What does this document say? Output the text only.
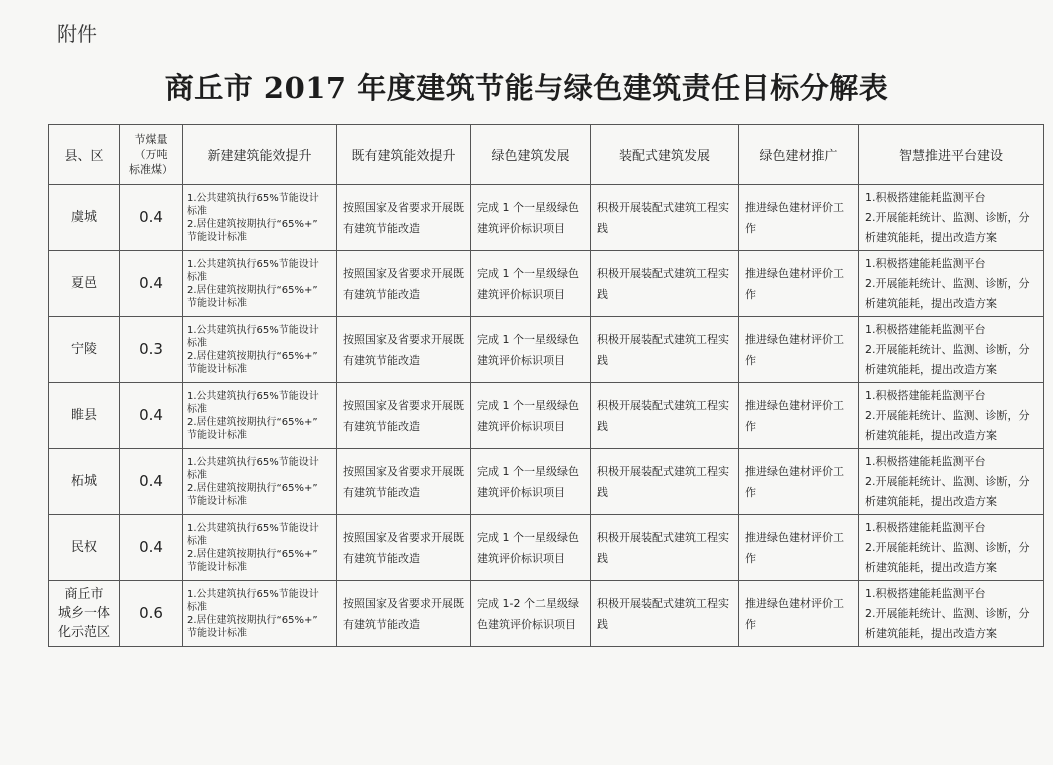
附件
商丘市 2017 年度建筑节能与绿色建筑责任目标分解表
县、区	节煤量
（万吨
标准煤）	新建建筑能效提升	既有建筑能效提升	绿色建筑发展	装配式建筑发展	绿色建材推广	智慧推进平台建设

虞城	0.4	1.公共建筑执行65%节能设计
标准
2.居住建筑按期执行“65%+”
节能设计标准	按照国家及省要求开展既有建筑节能改造	完成 1 个一星级绿色建筑评价标识项目	积极开展装配式建筑工程实践	推进绿色建材评价工作	1.积极搭建能耗监测平台
2.开展能耗统计、监测、诊断，分析建筑能耗，提出改造方案

夏邑	0.4	1.公共建筑执行65%节能设计
标准
2.居住建筑按期执行“65%+”
节能设计标准	按照国家及省要求开展既有建筑节能改造	完成 1 个一星级绿色建筑评价标识项目	积极开展装配式建筑工程实践	推进绿色建材评价工作	1.积极搭建能耗监测平台
2.开展能耗统计、监测、诊断，分析建筑能耗，提出改造方案

宁陵	0.3	1.公共建筑执行65%节能设计
标准
2.居住建筑按期执行“65%+”
节能设计标准	按照国家及省要求开展既有建筑节能改造	完成 1 个一星级绿色建筑评价标识项目	积极开展装配式建筑工程实践	推进绿色建材评价工作	1.积极搭建能耗监测平台
2.开展能耗统计、监测、诊断，分析建筑能耗，提出改造方案

睢县	0.4	1.公共建筑执行65%节能设计
标准
2.居住建筑按期执行“65%+”
节能设计标准	按照国家及省要求开展既有建筑节能改造	完成 1 个一星级绿色建筑评价标识项目	积极开展装配式建筑工程实践	推进绿色建材评价工作	1.积极搭建能耗监测平台
2.开展能耗统计、监测、诊断，分析建筑能耗，提出改造方案

柘城	0.4	1.公共建筑执行65%节能设计
标准
2.居住建筑按期执行“65%+”
节能设计标准	按照国家及省要求开展既有建筑节能改造	完成 1 个一星级绿色建筑评价标识项目	积极开展装配式建筑工程实践	推进绿色建材评价工作	1.积极搭建能耗监测平台
2.开展能耗统计、监测、诊断，分析建筑能耗，提出改造方案

民权	0.4	1.公共建筑执行65%节能设计
标准
2.居住建筑按期执行“65%+”
节能设计标准	按照国家及省要求开展既有建筑节能改造	完成 1 个一星级绿色建筑评价标识项目	积极开展装配式建筑工程实践	推进绿色建材评价工作	1.积极搭建能耗监测平台
2.开展能耗统计、监测、诊断，分析建筑能耗，提出改造方案

商丘市
城乡一体
化示范区	0.6	1.公共建筑执行65%节能设计
标准
2.居住建筑按期执行“65%+”
节能设计标准	按照国家及省要求开展既有建筑节能改造	完成 1-2 个二星级绿色建筑评价标识项目	积极开展装配式建筑工程实践	推进绿色建材评价工作	1.积极搭建能耗监测平台
2.开展能耗统计、监测、诊断，分析建筑能耗，提出改造方案
